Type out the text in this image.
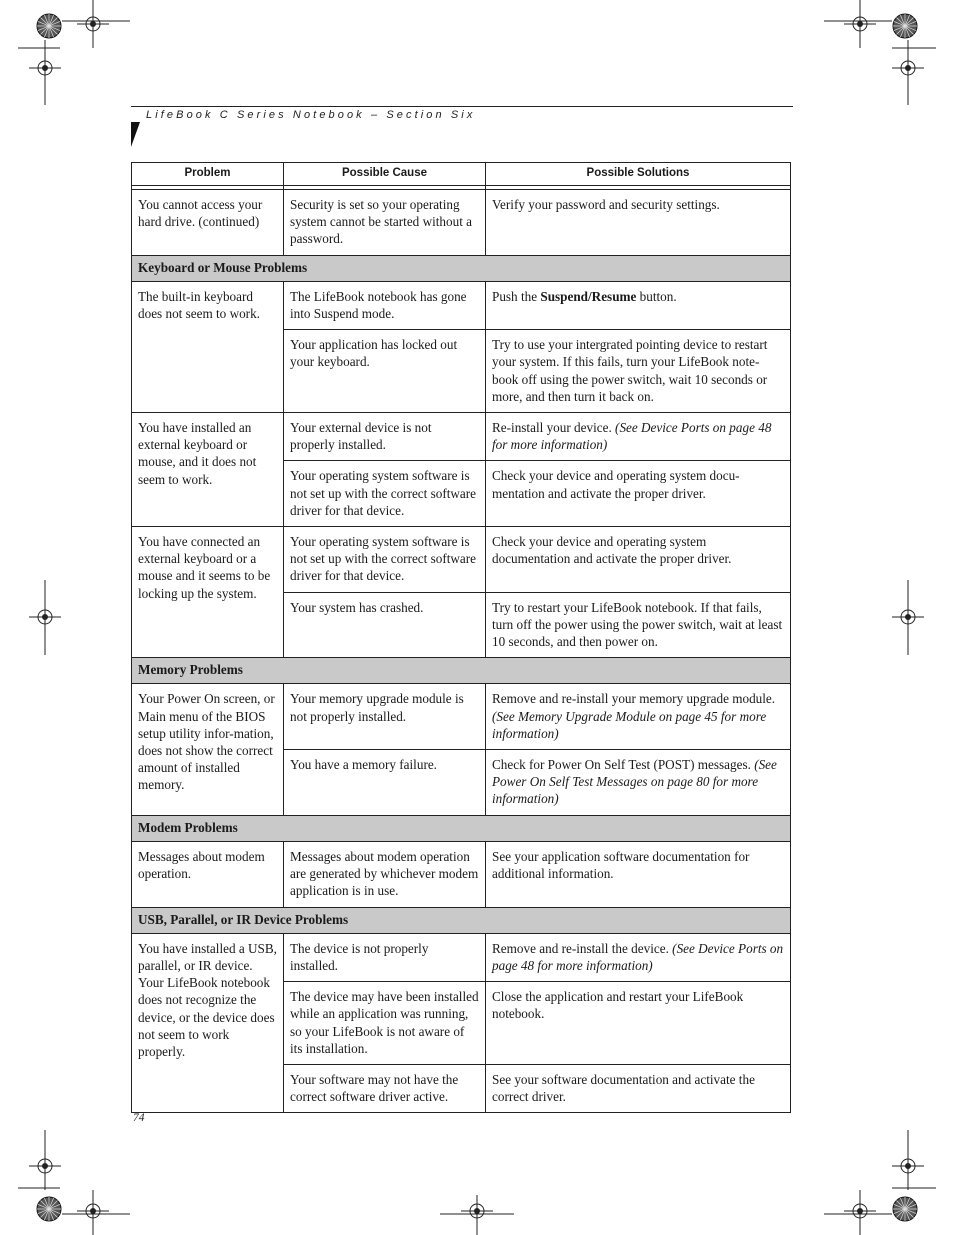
LifeBook C Series Notebook – Section Six
Problem	Possible Cause	Possible Solutions

You cannot access your hard drive. (continued)	Security is set so your operating system cannot be started without a password.	Verify your password and security settings.
Keyboard or Mouse Problems		
The built-in keyboard does not seem to work.	The LifeBook notebook has gone into Suspend mode.	Push the Suspend/Resume button.
	Your application has locked out your keyboard.	Try to use your intergrated pointing device to restart your system. If this fails, turn your LifeBook note-book off using the power switch, wait 10 seconds or more, and then turn it back on.
You have installed an external keyboard or mouse, and it does not seem to work.	Your external device is not properly installed.	Re-install your device. (See Device Ports on page 48 for more information)
	Your operating system software is not set up with the correct software driver for that device.	Check your device and operating system docu-mentation and activate the proper driver.
You have connected an external keyboard or a mouse and it seems to be locking up the system.	Your operating system software is not set up with the correct software driver for that device.	Check your device and operating system documentation and activate the proper driver.
	Your system has crashed.	Try to restart your LifeBook notebook. If that fails, turn off the power using the power switch, wait at least 10 seconds, and then power on.
Memory Problems		
Your Power On screen, or Main menu of the BIOS setup utility infor-mation, does not show the correct amount of installed memory.	Your memory upgrade module is not properly installed.	Remove and re-install your memory upgrade module. (See Memory Upgrade Module on page 45 for more information)
	You have a memory failure.	Check for Power On Self Test (POST) messages. (See Power On Self Test Messages on page 80 for more information)
Modem Problems		
Messages about modem operation.	Messages about modem operation are generated by whichever modem application is in use.	See your application software documentation for additional information.
USB, Parallel, or IR Device Problems		
You have installed a USB, parallel, or IR device. Your LifeBook notebook does not recognize the device, or the device does not seem to work properly.	The device is not properly installed.	Remove and re-install the device. (See Device Ports on page 48 for more information)
	The device may have been installed while an application was running, so your LifeBook is not aware of its installation.	Close the application and restart your LifeBook notebook.
	Your software may not have the correct software driver active.	See your software documentation and activate the correct driver.
74
